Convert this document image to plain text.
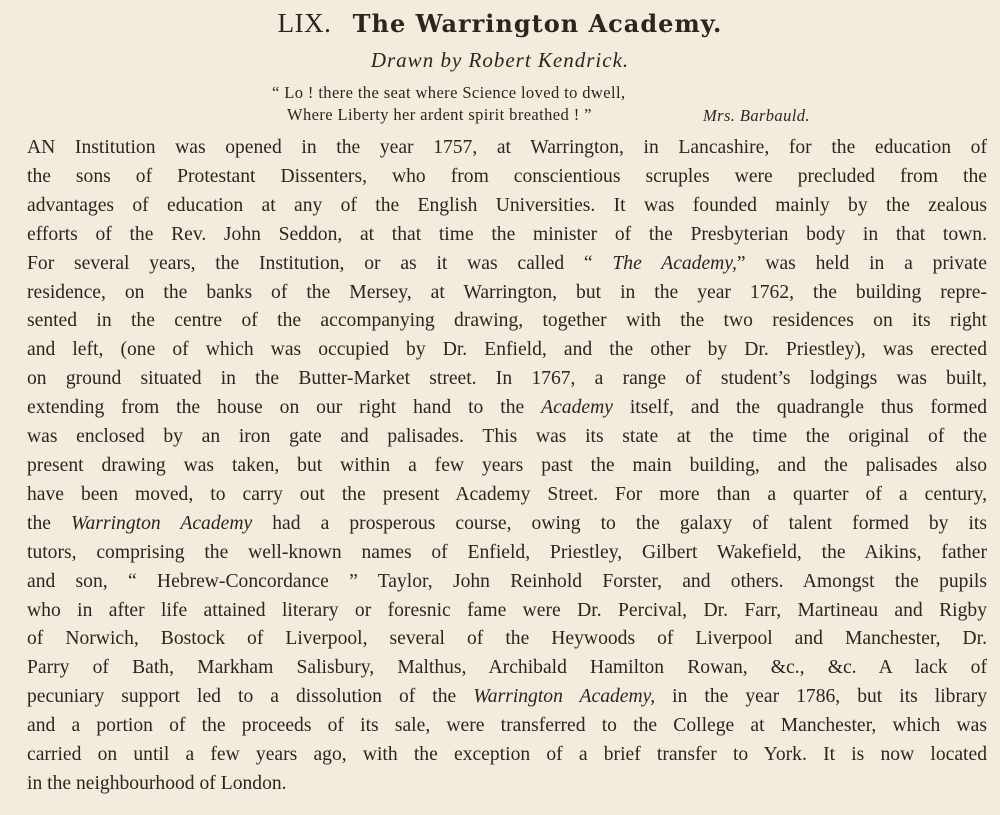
LIX. The Warrington Academy.
Drawn by Robert Kendrick.
“ Lo ! there the seat where Science loved to dwell,
Where Liberty her ardent spirit breathed ! ”	Mrs. Barbauld.
AN Institution was opened in the year 1757, at Warrington, in Lancashire, for the education of
the sons of Protestant Dissenters, who from conscientious scruples were precluded from the
advantages of education at any of the English Universities. It was founded mainly by the zealous
efforts of the Rev. John Seddon, at that time the minister of the Presbyterian body in that town.
For several years, the Institution, or as it was called “ The Academy,” was held in a private
residence, on the banks of the Mersey, at Warrington, but in the year 1762, the building repre-
sented in the centre of the accompanying drawing, together with the two residences on its right
and left, (one of which was occupied by Dr. Enfield, and the other by Dr. Priestley), was erected
on ground situated in the Butter-Market street. In 1767, a range of student’s lodgings was built,
extending from the house on our right hand to the Academy itself, and the quadrangle thus formed
was enclosed by an iron gate and palisades. This was its state at the time the original of the
present drawing was taken, but within a few years past the main building, and the palisades also
have been moved, to carry out the present Academy Street. For more than a quarter of a century,
the Warrington Academy had a prosperous course, owing to the galaxy of talent formed by its
tutors, comprising the well-known names of Enfield, Priestley, Gilbert Wakefield, the Aikins, father
and son, “ Hebrew-Concordance ” Taylor, John Reinhold Forster, and others. Amongst the pupils
who in after life attained literary or foresnic fame were Dr. Percival, Dr. Farr, Martineau and Rigby
of Norwich, Bostock of Liverpool, several of the Heywoods of Liverpool and Manchester, Dr.
Parry of Bath, Markham Salisbury, Malthus, Archibald Hamilton Rowan, &c., &c. A lack of
pecuniary support led to a dissolution of the Warrington Academy, in the year 1786, but its library
and a portion of the proceeds of its sale, were transferred to the College at Manchester, which was
carried on until a few years ago, with the exception of a brief transfer to York. It is now located
in the neighbourhood of London.
